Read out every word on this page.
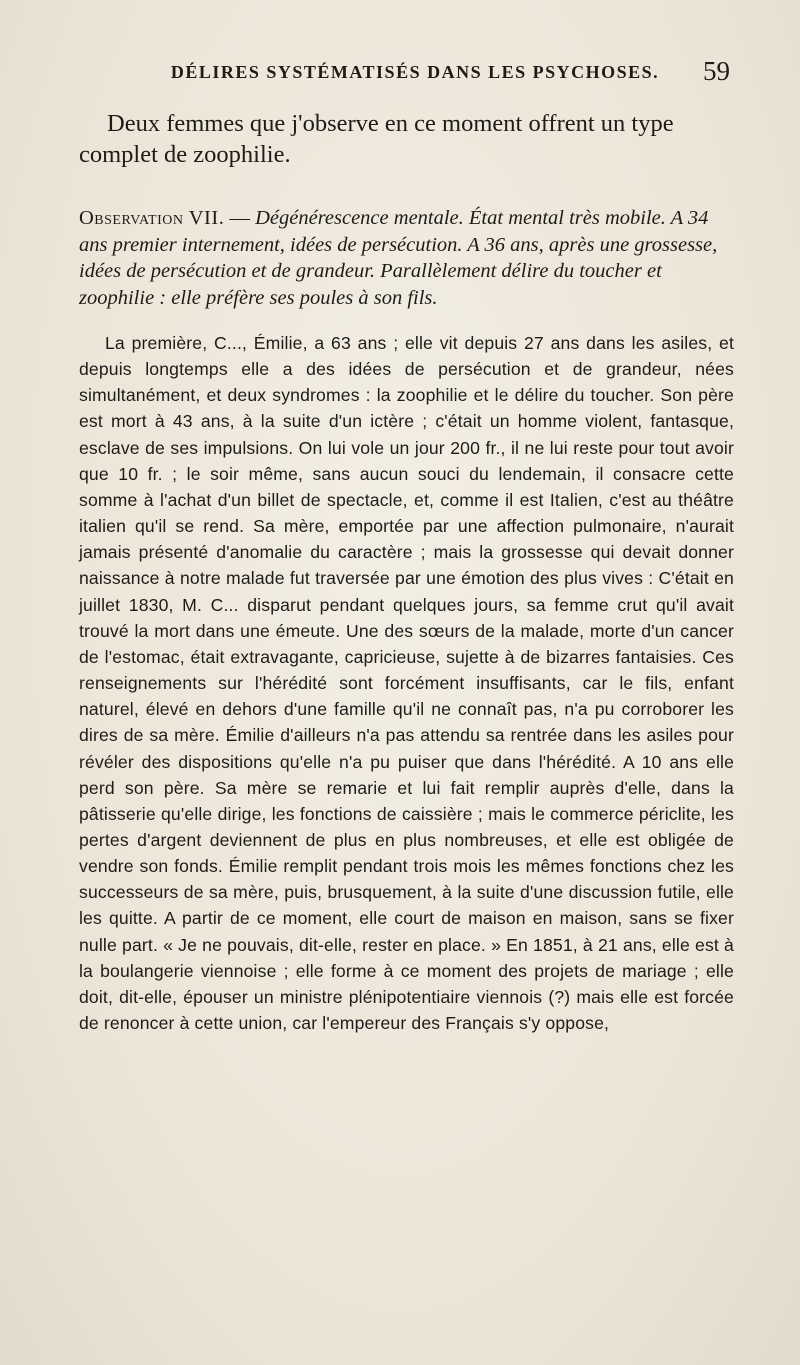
DÉLIRES SYSTÉMATISÉS DANS LES PSYCHOSES.	59

Deux femmes que j'observe en ce moment offrent un type complet de zoophilie.

Observation VII. — Dégénérescence mentale. État mental très mobile. A 34 ans premier internement, idées de persécution. A 36 ans, après une grossesse, idées de persécution et de grandeur. Parallèlement délire du toucher et zoophilie : elle préfère ses poules à son fils.

La première, C..., Émilie, a 63 ans ; elle vit depuis 27 ans dans les asiles, et depuis longtemps elle a des idées de persécution et de grandeur, nées simultanément, et deux syndromes : la zoophilie et le délire du toucher. Son père est mort à 43 ans, à la suite d'un ictère ; c'était un homme violent, fantasque, esclave de ses impulsions. On lui vole un jour 200 fr., il ne lui reste pour tout avoir que 10 fr. ; le soir même, sans aucun souci du lendemain, il consacre cette somme à l'achat d'un billet de spectacle, et, comme il est Italien, c'est au théâtre italien qu'il se rend. Sa mère, emportée par une affection pulmonaire, n'aurait jamais présenté d'anomalie du caractère ; mais la grossesse qui devait donner naissance à notre malade fut traversée par une émotion des plus vives : C'était en juillet 1830, M. C... disparut pendant quelques jours, sa femme crut qu'il avait trouvé la mort dans une émeute. Une des sœurs de la malade, morte d'un cancer de l'estomac, était extravagante, capricieuse, sujette à de bizarres fantaisies. Ces renseignements sur l'hérédité sont forcément insuffisants, car le fils, enfant naturel, élevé en dehors d'une famille qu'il ne connaît pas, n'a pu corroborer les dires de sa mère. Émilie d'ailleurs n'a pas attendu sa rentrée dans les asiles pour révéler des dispositions qu'elle n'a pu puiser que dans l'hérédité. A 10 ans elle perd son père. Sa mère se remarie et lui fait remplir auprès d'elle, dans la pâtisserie qu'elle dirige, les fonctions de caissière ; mais le commerce périclite, les pertes d'argent deviennent de plus en plus nombreuses, et elle est obligée de vendre son fonds. Émilie remplit pendant trois mois les mêmes fonctions chez les successeurs de sa mère, puis, brusquement, à la suite d'une discussion futile, elle les quitte. A partir de ce moment, elle court de maison en maison, sans se fixer nulle part. « Je ne pouvais, dit-elle, rester en place. » En 1851, à 21 ans, elle est à la boulangerie viennoise ; elle forme à ce moment des projets de mariage ; elle doit, dit-elle, épouser un ministre plénipotentiaire viennois (?) mais elle est forcée de renoncer à cette union, car l'empereur des Français s'y oppose,
